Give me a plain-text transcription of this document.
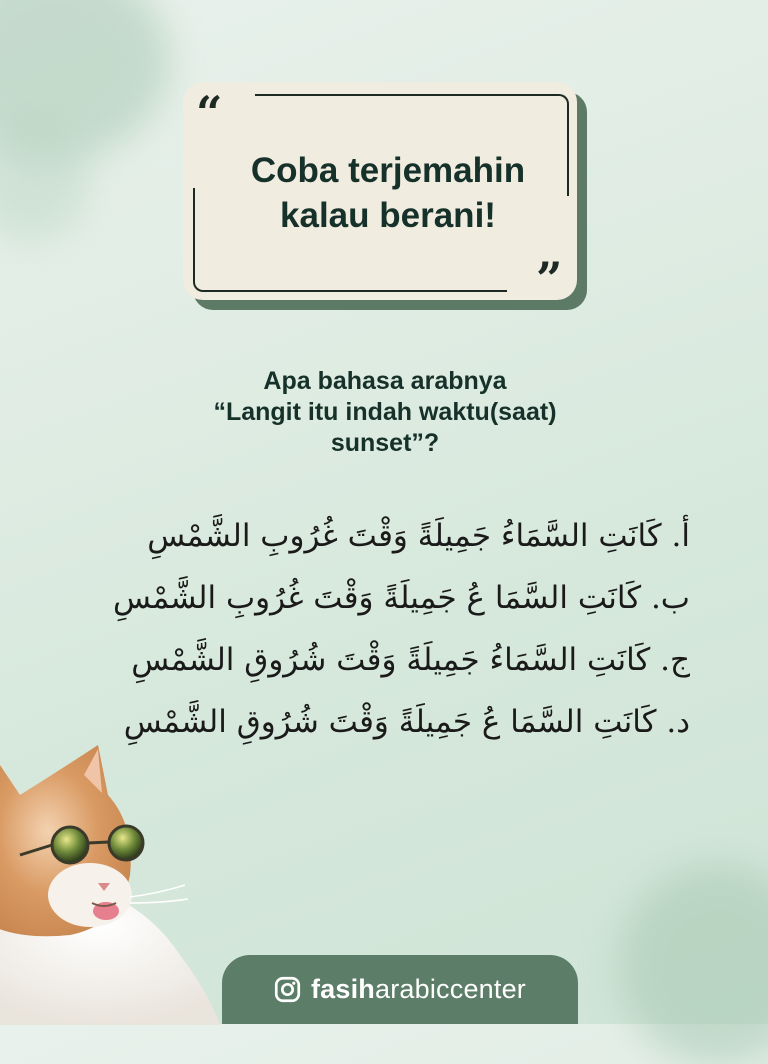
“
”
Coba terjemahin
kalau berani!
Apa bahasa arabnya
“Langit itu indah waktu(saat)
sunset”?
أ. كَانَتِ السَّمَاءُ جَمِيلَةً وَقْتَ غُرُوبِ الشَّمْسِ
ب. كَانَتِ السَّمَا عُ جَمِيلَةً وَقْتَ غُرُوبِ الشَّمْسِ
ج. كَانَتِ السَّمَاءُ جَمِيلَةً وَقْتَ شُرُوقِ الشَّمْسِ
د. كَانَتِ السَّمَا عُ جَمِيلَةً وَقْتَ شُرُوقِ الشَّمْسِ
fasiharabiccenter
